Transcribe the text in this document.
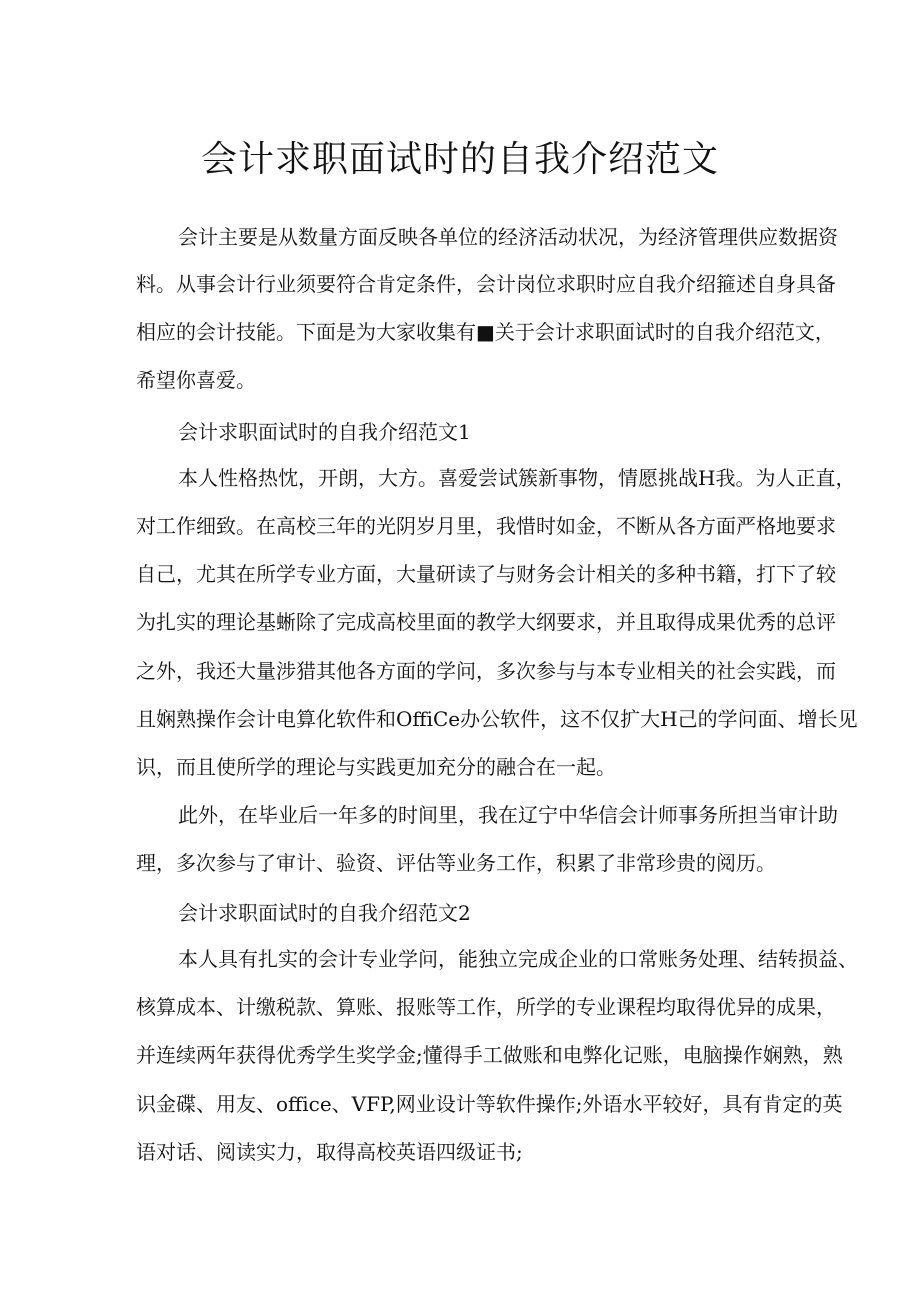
会计求职面试时的自我介绍范文
会计主要是从数量方面反映各单位的经济活动状况，为经济管理供应数据资
料。从事会计行业须要符合肯定条件，会计岗位求职时应自我介绍箍述自身具备
相应的会计技能。下面是为大家收集有■关于会计求职面试时的自我介绍范文，
希望你喜爱。
会计求职面试时的自我介绍范文1
本人性格热忱，开朗，大方。喜爱尝试簇新事物，情愿挑战H我。为人正直，
对工作细致。在高校三年的光阴岁月里，我惜时如金，不断从各方面严格地要求
自己，尤其在所学专业方面，大量研读了与财务会计相关的多种书籍，打下了较
为扎实的理论基蜥除了完成高校里面的教学大纲要求，并且取得成果优秀的总评
之外，我还大量涉猎其他各方面的学问，多次参与与本专业相关的社会实践，而
且娴熟操作会计电算化软件和OffiCe办公软件，这不仅扩大H己的学问面、增长见
识，而且使所学的理论与实践更加充分的融合在一起。
此外，在毕业后一年多的时间里，我在辽宁中华信会计师事务所担当审计助
理，多次参与了审计、验资、评估等业务工作，积累了非常珍贵的阅历。
会计求职面试时的自我介绍范文2
本人具有扎实的会计专业学问，能独立完成企业的口常账务处理、结转损益、
核算成本、计缴税款、算账、报账等工作，所学的专业课程均取得优异的成果，
并连续两年获得优秀学生奖学金;懂得手工做账和电弊化记账，电脑操作娴熟，熟
识金碟、用友、office、VFP,网业设计等软件操作;外语水平较好，具有肯定的英
语对话、阅读实力，取得高校英语四级证书;
